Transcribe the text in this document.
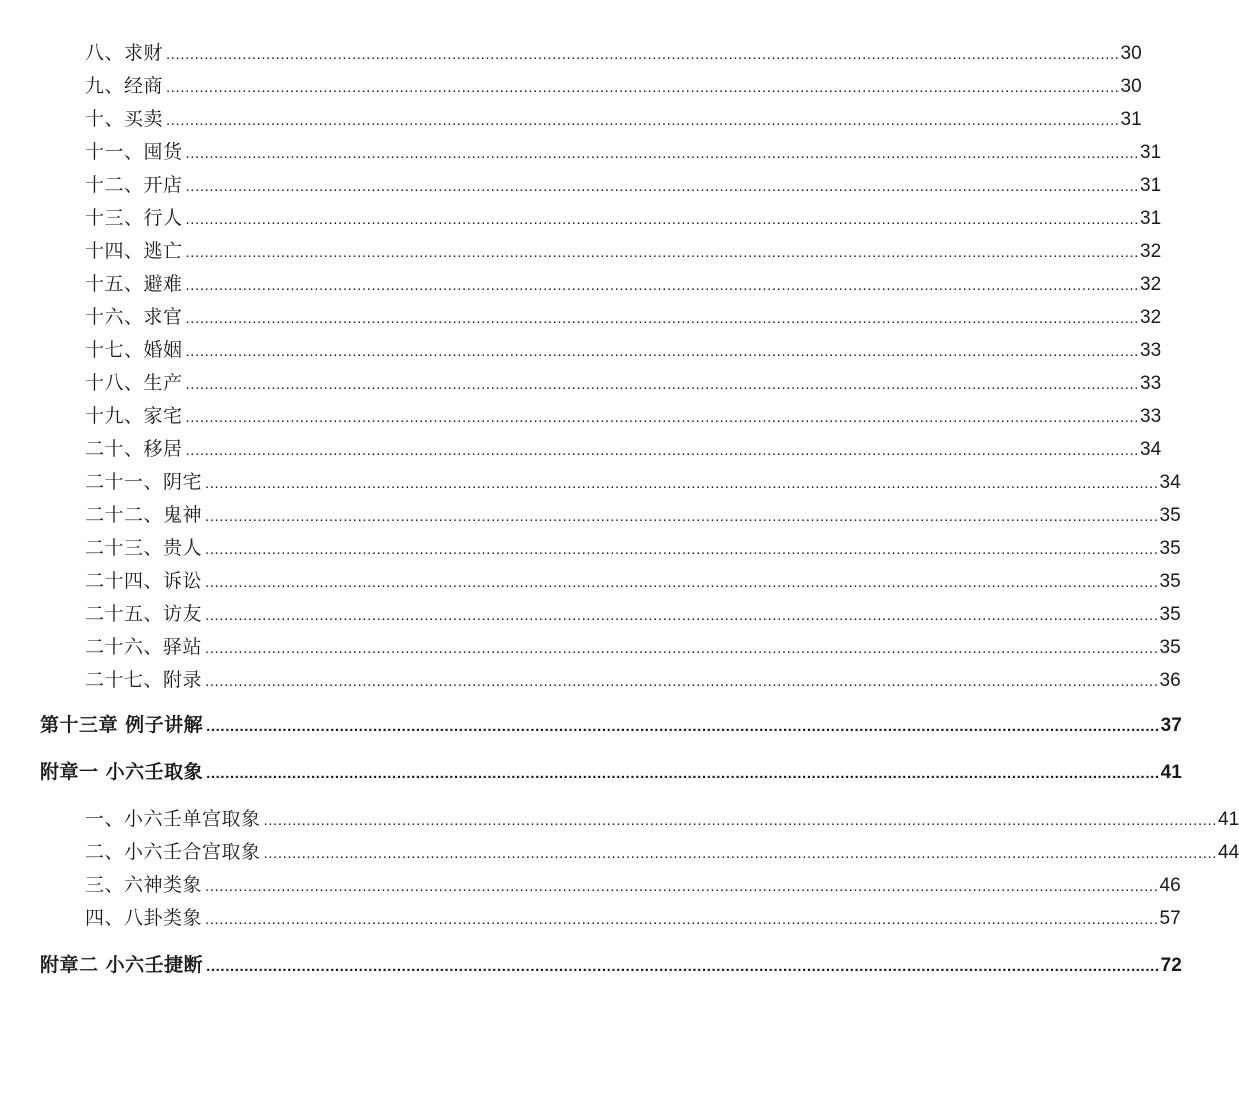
八、求财 ........................................................................................................................................................................................................ 30
九、经商 ........................................................................................................................................................................................................ 30
十、买卖 ........................................................................................................................................................................................................ 31
十一、囤货 ........................................................................................................................................................................................................ 31
十二、开店 ........................................................................................................................................................................................................ 31
十三、行人 ........................................................................................................................................................................................................ 31
十四、逃亡 ........................................................................................................................................................................................................ 32
十五、避难 ........................................................................................................................................................................................................ 32
十六、求官 ........................................................................................................................................................................................................ 32
十七、婚姻 ........................................................................................................................................................................................................ 33
十八、生产 ........................................................................................................................................................................................................ 33
十九、家宅 ........................................................................................................................................................................................................ 33
二十、移居 ........................................................................................................................................................................................................ 34
二十一、阴宅 ........................................................................................................................................................................................................ 34
二十二、鬼神 ........................................................................................................................................................................................................ 35
二十三、贵人 ........................................................................................................................................................................................................ 35
二十四、诉讼 ........................................................................................................................................................................................................ 35
二十五、访友 ........................................................................................................................................................................................................ 35
二十六、驿站 ........................................................................................................................................................................................................ 35
二十七、附录 ........................................................................................................................................................................................................ 36
第十三章 例子讲解 ........................................................................................................................................................................................................ 37
附章一 小六壬取象 ........................................................................................................................................................................................................ 41
一、小六壬单宫取象 ........................................................................................................................................................................................................ 41
二、小六壬合宫取象 ........................................................................................................................................................................................................ 44
三、六神类象 ........................................................................................................................................................................................................ 46
四、八卦类象 ........................................................................................................................................................................................................ 57
附章二 小六壬捷断 ........................................................................................................................................................................................................ 72
